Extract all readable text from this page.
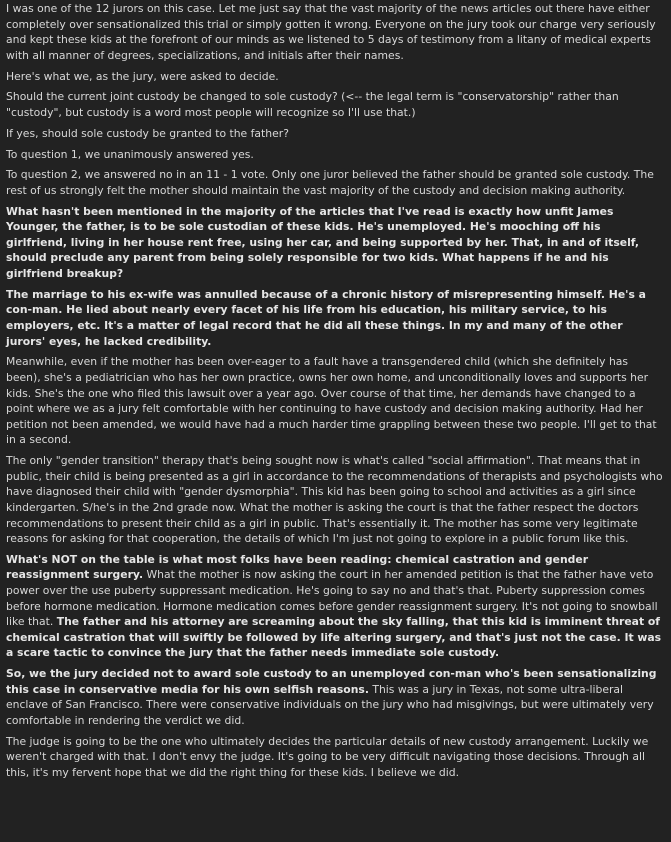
I was one of the 12 jurors on this case. Let me just say that the vast majority of the news articles out there have either completely over sensationalized this trial or simply gotten it wrong. Everyone on the jury took our charge very seriously and kept these kids at the forefront of our minds as we listened to 5 days of testimony from a litany of medical experts with all manner of degrees, specializations, and initials after their names.

Here's what we, as the jury, were asked to decide.

Should the current joint custody be changed to sole custody? (<-- the legal term is "conservatorship" rather than "custody", but custody is a word most people will recognize so I'll use that.)

If yes, should sole custody be granted to the father?

To question 1, we unanimously answered yes.

To question 2, we answered no in an 11 - 1 vote. Only one juror believed the father should be granted sole custody. The rest of us strongly felt the mother should maintain the vast majority of the custody and decision making authority.

What hasn't been mentioned in the majority of the articles that I've read is exactly how unfit James Younger, the father, is to be sole custodian of these kids. He's unemployed. He's mooching off his girlfriend, living in her house rent free, using her car, and being supported by her. That, in and of itself, should preclude any parent from being solely responsible for two kids. What happens if he and his girlfriend breakup?

The marriage to his ex-wife was annulled because of a chronic history of misrepresenting himself. He's a con-man. He lied about nearly every facet of his life from his education, his military service, to his employers, etc. It's a matter of legal record that he did all these things. In my and many of the other jurors' eyes, he lacked credibility.

Meanwhile, even if the mother has been over-eager to a fault have a transgendered child (which she definitely has been), she's a pediatrician who has her own practice, owns her own home, and unconditionally loves and supports her kids. She's the one who filed this lawsuit over a year ago. Over course of that time, her demands have changed to a point where we as a jury felt comfortable with her continuing to have custody and decision making authority. Had her petition not been amended, we would have had a much harder time grappling between these two people. I'll get to that in a second.

The only "gender transition" therapy that's being sought now is what's called "social affirmation". That means that in public, their child is being presented as a girl in accordance to the recommendations of therapists and psychologists who have diagnosed their child with "gender dysmorphia". This kid has been going to school and activities as a girl since kindergarten. S/he's in the 2nd grade now. What the mother is asking the court is that the father respect the doctors recommendations to present their child as a girl in public. That's essentially it. The mother has some very legitimate reasons for asking for that cooperation, the details of which I'm just not going to explore in a public forum like this.

What's NOT on the table is what most folks have been reading: chemical castration and gender reassignment surgery. What the mother is now asking the court in her amended petition is that the father have veto power over the use puberty suppressant medication. He's going to say no and that's that. Puberty suppression comes before hormone medication. Hormone medication comes before gender reassignment surgery. It's not going to snowball like that. The father and his attorney are screaming about the sky falling, that this kid is imminent threat of chemical castration that will swiftly be followed by life altering surgery, and that's just not the case. It was a scare tactic to convince the jury that the father needs immediate sole custody.

So, we the jury decided not to award sole custody to an unemployed con-man who's been sensationalizing this case in conservative media for his own selfish reasons. This was a jury in Texas, not some ultra-liberal enclave of San Francisco. There were conservative individuals on the jury who had misgivings, but were ultimately very comfortable in rendering the verdict we did.

The judge is going to be the one who ultimately decides the particular details of new custody arrangement. Luckily we weren't charged with that. I don't envy the judge. It's going to be very difficult navigating those decisions. Through all this, it's my fervent hope that we did the right thing for these kids. I believe we did.
